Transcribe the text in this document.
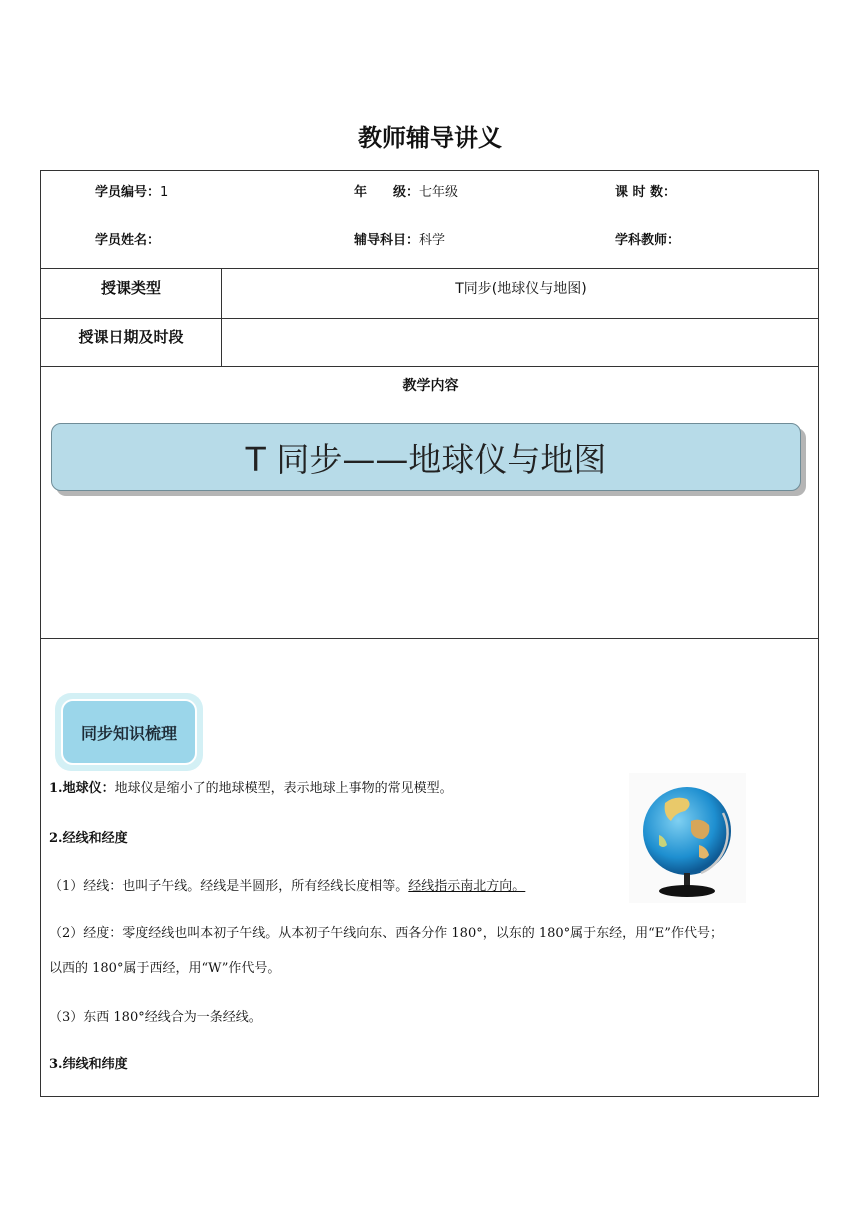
教师辅导讲义
学员编号：1	年　　级：七年级	课 时 数：
学员姓名：	辅导科目：科学	学科教师：
授课类型	T同步(地球仪与地图)
授课日期及时段
教学内容
T 同步——地球仪与地图
同步知识梳理
1.地球仪：地球仪是缩小了的地球模型，表示地球上事物的常见模型。
2.经线和经度
（1）经线：也叫子午线。经线是半圆形，所有经线长度相等。经线指示南北方向。
（2）经度：零度经线也叫本初子午线。从本初子午线向东、西各分作 180°，以东的 180°属于东经，用“E”作代号；
以西的 180°属于西经，用“W”作代号。
（3）东西 180°经线合为一条经线。
3.纬线和纬度
